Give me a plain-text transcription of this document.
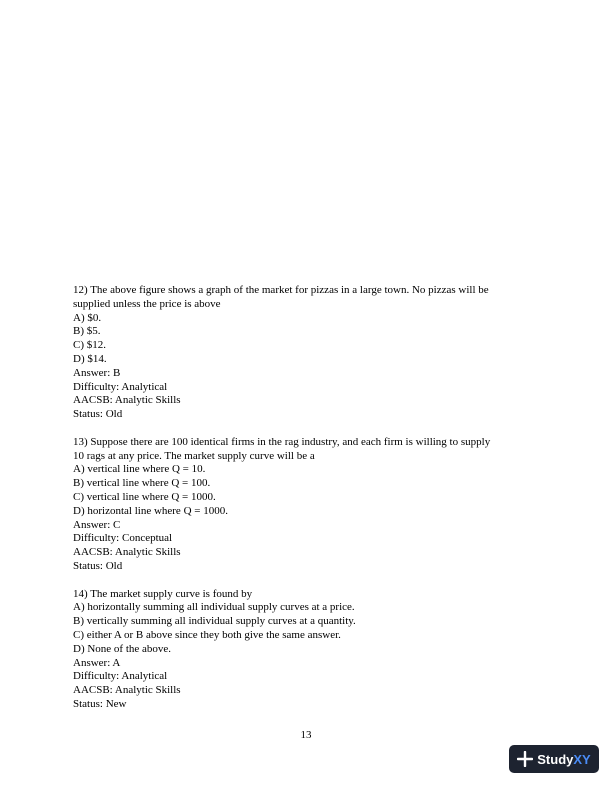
12) The above figure shows a graph of the market for pizzas in a large town. No pizzas will be
supplied unless the price is above
A) $0.
B) $5.
C) $12.
D) $14.
Answer: B
Difficulty: Analytical
AACSB: Analytic Skills
Status: Old
13) Suppose there are 100 identical firms in the rag industry, and each firm is willing to supply
10 rags at any price. The market supply curve will be a
A) vertical line where Q = 10.
B) vertical line where Q = 100.
C) vertical line where Q = 1000.
D) horizontal line where Q = 1000.
Answer: C
Difficulty: Conceptual
AACSB: Analytic Skills
Status: Old
14) The market supply curve is found by
A) horizontally summing all individual supply curves at a price.
B) vertically summing all individual supply curves at a quantity.
C) either A or B above since they both give the same answer.
D) None of the above.
Answer: A
Difficulty: Analytical
AACSB: Analytic Skills
Status: New
13
StudyXY
